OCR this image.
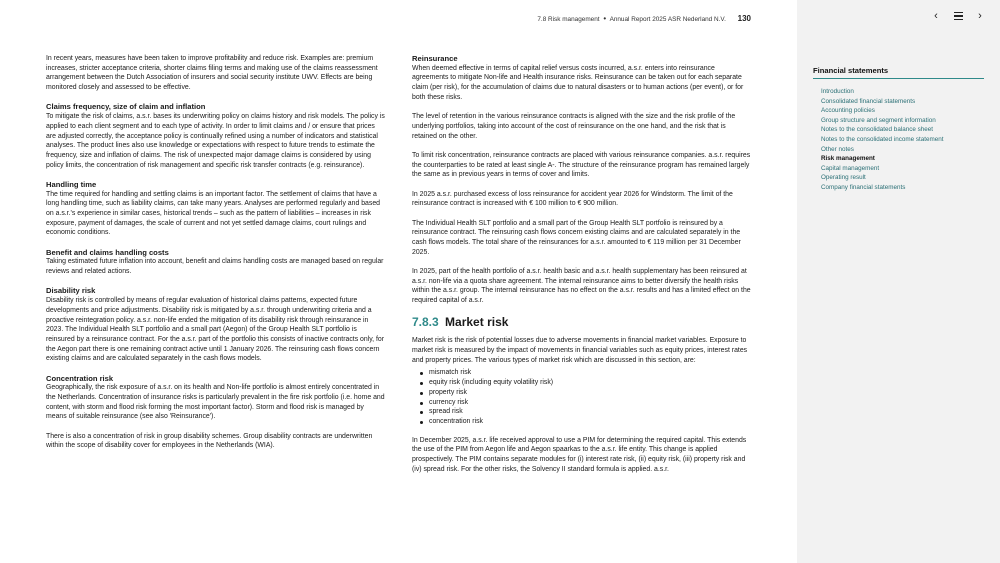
7.8 Risk management • Annual Report 2025 ASR Nederland N.V. 130

In recent years, measures have been taken to improve profitability and reduce risk. Examples are: premium increases, stricter acceptance criteria, shorter claims filing terms and making use of the claims reassessment arrangement between the Dutch Association of insurers and social security institute UWV. Effects are being monitored closely and assessed to be effective.

Claims frequency, size of claim and inflation

To mitigate the risk of claims, a.s.r. bases its underwriting policy on claims history and risk models. The policy is applied to each client segment and to each type of activity. In order to limit claims and / or ensure that prices are adjusted correctly, the acceptance policy is continually refined using a number of indicators and statistical analyses. The product lines also use knowledge or expectations with respect to future trends to estimate the frequency, size and inflation of claims. The risk of unexpected major damage claims is considered by using policy limits, the concentration of risk management and specific risk transfer contracts (e.g. reinsurance).

Handling time

The time required for handling and settling claims is an important factor. The settlement of claims that have a long handling time, such as liability claims, can take many years. Analyses are performed regularly and based on a.s.r.'s experience in similar cases, historical trends – such as the pattern of liabilities – increases in risk exposure, payment of damages, the scale of current and not yet settled damage claims, court rulings and economic conditions.

Benefit and claims handling costs

Taking estimated future inflation into account, benefit and claims handling costs are managed based on regular reviews and related actions.

Disability risk

Disability risk is controlled by means of regular evaluation of historical claims patterns, expected future developments and price adjustments. Disability risk is mitigated by a.s.r. through underwriting criteria and a proactive reintegration policy. a.s.r. non-life ended the mitigation of its disability risk through reinsurance in 2023. The Individual Health SLT portfolio and a small part (Aegon) of the Group Health SLT portfolio is reinsured by a reinsurance contract. For the a.s.r. part of the portfolio this consists of inactive contracts only, for the Aegon part there is one remaining contract active until 1 January 2026. The reinsuring cash flows concern existing claims and are calculated separately in the cash flows models.

Concentration risk

Geographically, the risk exposure of a.s.r. on its health and Non-life portfolio is almost entirely concentrated in the Netherlands. Concentration of insurance risks is particularly prevalent in the fire risk portfolio (i.e. home and content, with storm and flood risk forming the most important factor). Storm and flood risk is managed by means of suitable reinsurance (see also 'Reinsurance').

There is also a concentration of risk in group disability schemes. Group disability contracts are underwritten within the scope of disability cover for employees in the Netherlands (WIA).

Reinsurance

When deemed effective in terms of capital relief versus costs incurred, a.s.r. enters into reinsurance agreements to mitigate Non-life and Health insurance risks. Reinsurance can be taken out for each separate claim (per risk), for the accumulation of claims due to natural disasters or to human actions (per event), or for both these risks.

The level of retention in the various reinsurance contracts is aligned with the size and the risk profile of the underlying portfolios, taking into account of the cost of reinsurance on the one hand, and the risk that is retained on the other.

To limit risk concentration, reinsurance contracts are placed with various reinsurance companies. a.s.r. requires the counterparties to be rated at least single A-. The structure of the reinsurance program has remained largely the same as in previous years in terms of cover and limits.

In 2025 a.s.r. purchased excess of loss reinsurance for accident year 2026 for Windstorm. The limit of the reinsurance contract is increased with € 100 million to € 900 million.

The Individual Health SLT portfolio and a small part of the Group Health SLT portfolio is reinsured by a reinsurance contract. The reinsuring cash flows concern existing claims and are calculated separately in the cash flows models. The total share of the reinsurances for a.s.r. amounted to € 119 million per 31 December 2025.

In 2025, part of the health portfolio of a.s.r. health basic and a.s.r. health supplementary has been reinsured at a.s.r. non-life via a quota share agreement. The internal reinsurance aims to better diversify the health risks within the a.s.r. group. The internal reinsurance has no effect on the a.s.r. results and has a limited effect on the required capital of a.s.r.

7.8.3 Market risk

Market risk is the risk of potential losses due to adverse movements in financial market variables. Exposure to market risk is measured by the impact of movements in financial variables such as equity prices, interest rates and property prices. The various types of market risk which are discussed in this section, are:

mismatch risk
equity risk (including equity volatility risk)
property risk
currency risk
spread risk
concentration risk

In December 2025, a.s.r. life received approval to use a PIM for determining the required capital. This extends the use of the PIM from Aegon life and Aegon spaarkas to the a.s.r. life entity. This change is applied prospectively. The PIM contains separate modules for (i) interest rate risk, (ii) equity risk, (iii) property risk and (iv) spread risk. For the other risks, the Solvency II standard formula is applied. a.s.r.

‹	›
Financial statements
Introduction
Consolidated financial statements
Accounting policies
Group structure and segment information
Notes to the consolidated balance sheet
Notes to the consolidated income statement
Other notes
Risk management
Capital management
Operating result
Company financial statements
